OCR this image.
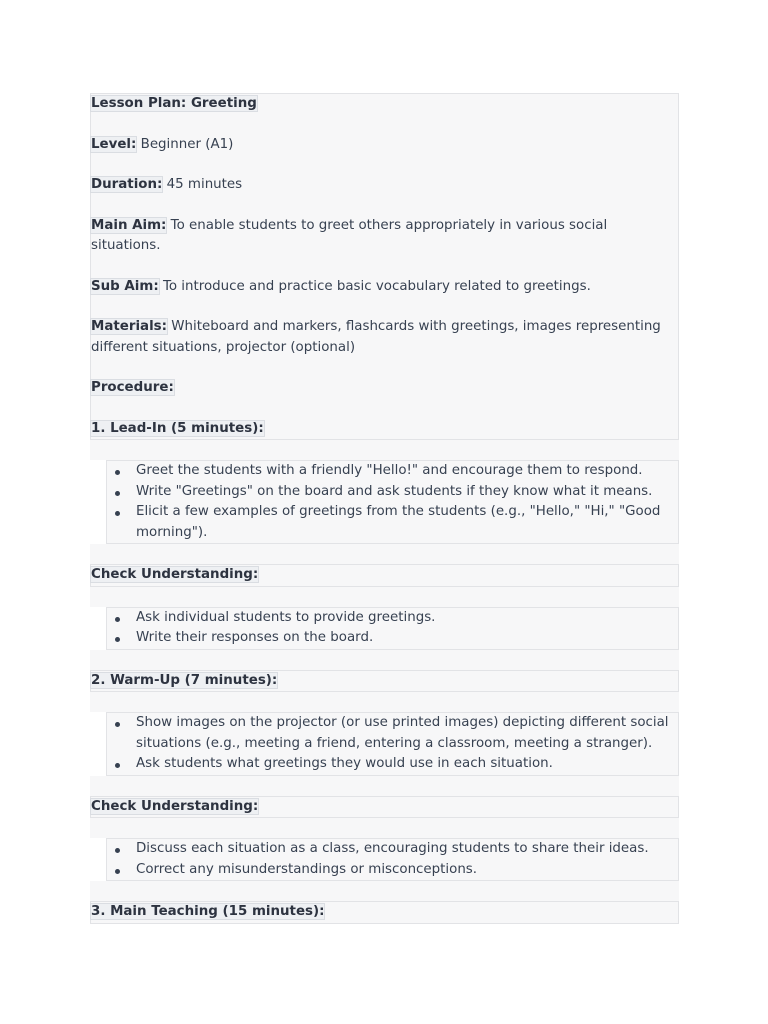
Lesson Plan: Greeting

Level: Beginner (A1)

Duration: 45 minutes

Main Aim: To enable students to greet others appropriately in various social situations.

Sub Aim: To introduce and practice basic vocabulary related to greetings.

Materials: Whiteboard and markers, flashcards with greetings, images representing different situations, projector (optional)

Procedure:

1. Lead-In (5 minutes):

Greet the students with a friendly "Hello!" and encourage them to respond.
Write "Greetings" on the board and ask students if they know what it means.
Elicit a few examples of greetings from the students (e.g., "Hello," "Hi," "Good morning").
Check Understanding:
Ask individual students to provide greetings.
Write their responses on the board.
2. Warm-Up (7 minutes):
Show images on the projector (or use printed images) depicting different social situations (e.g., meeting a friend, entering a classroom, meeting a stranger).
Ask students what greetings they would use in each situation.
Check Understanding:
Discuss each situation as a class, encouraging students to share their ideas.
Correct any misunderstandings or misconceptions.
3. Main Teaching (15 minutes):
